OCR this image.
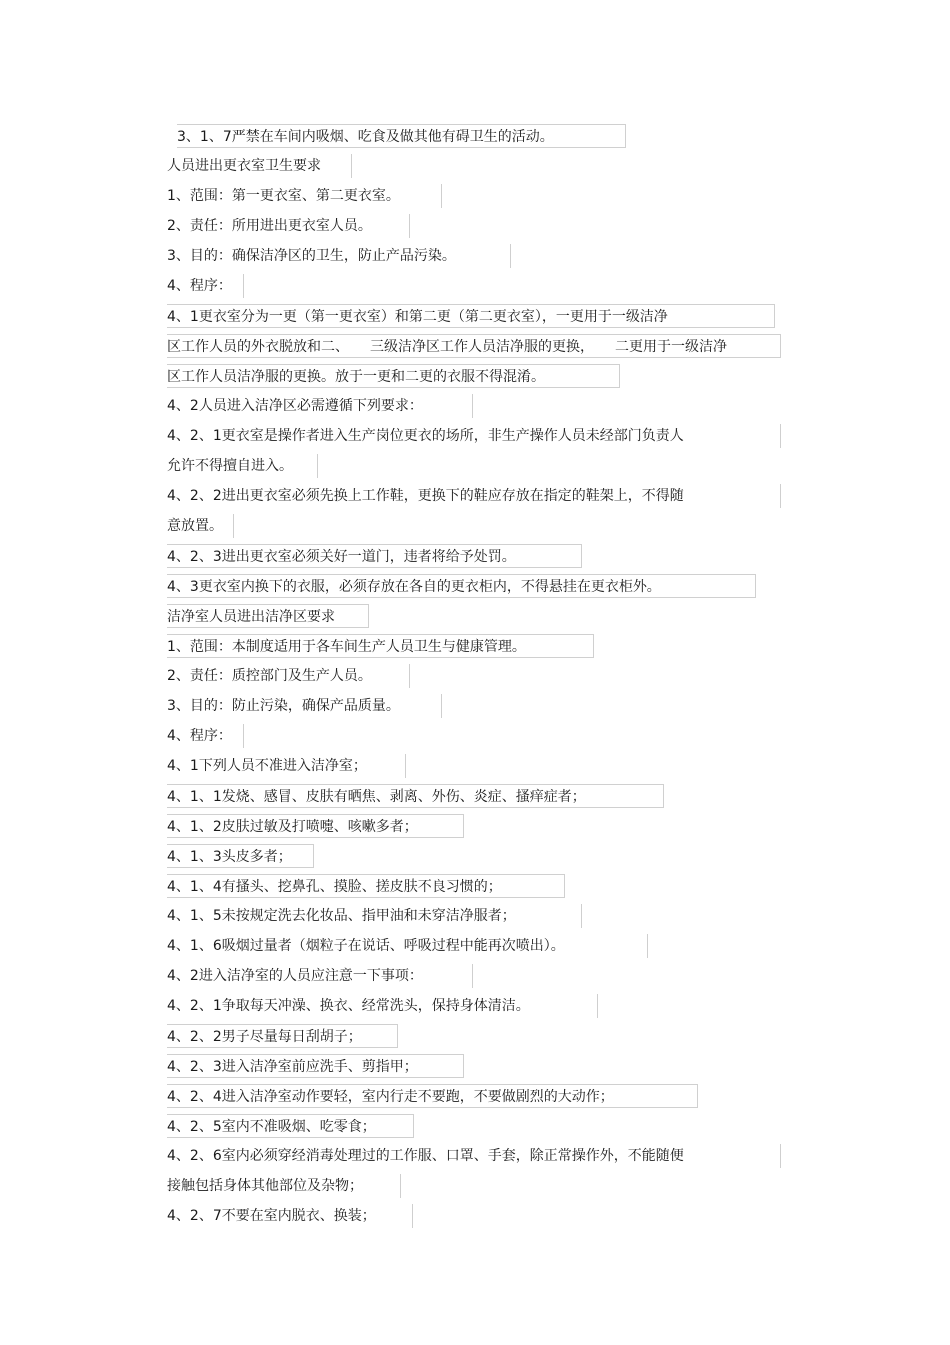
3、1、7严禁在车间内吸烟、吃食及做其他有碍卫生的活动。
人员进出更衣室卫生要求
1、范围：第一更衣室、第二更衣室。
2、责任：所用进出更衣室人员。
3、目的：确保洁净区的卫生，防止产品污染。
4、程序：
4、1更衣室分为一更（第一更衣室）和第二更（第二更衣室），一更用于一级洁净
区工作人员的外衣脱放和二、　　三级洁净区工作人员洁净服的更换，　　二更用于一级洁净
区工作人员洁净服的更换。放于一更和二更的衣服不得混淆。
4、2人员进入洁净区必需遵循下列要求：
4、2、1更衣室是操作者进入生产岗位更衣的场所，非生产操作人员未经部门负责人
允许不得擅自进入。
4、2、2进出更衣室必须先换上工作鞋，更换下的鞋应存放在指定的鞋架上，不得随
意放置。
4、2、3进出更衣室必须关好一道门，违者将给予处罚。
4、3更衣室内换下的衣服，必须存放在各自的更衣柜内，不得悬挂在更衣柜外。
洁净室人员进出洁净区要求
1、范围：本制度适用于各车间生产人员卫生与健康管理。
2、责任：质控部门及生产人员。
3、目的：防止污染，确保产品质量。
4、程序：
4、1下列人员不准进入洁净室；
4、1、1发烧、感冒、皮肤有晒焦、剥离、外伤、炎症、搔痒症者；
4、1、2皮肤过敏及打喷嚏、咳嗽多者；
4、1、3头皮多者；
4、1、4有搔头、挖鼻孔、摸脸、搓皮肤不良习惯的；
4、1、5未按规定洗去化妆品、指甲油和未穿洁净服者；
4、1、6吸烟过量者（烟粒子在说话、呼吸过程中能再次喷出）。
4、2进入洁净室的人员应注意一下事项：
4、2、1争取每天冲澡、换衣、经常洗头，保持身体清洁。
4、2、2男子尽量每日刮胡子；
4、2、3进入洁净室前应洗手、剪指甲；
4、2、4进入洁净室动作要轻，室内行走不要跑，不要做剧烈的大动作；
4、2、5室内不准吸烟、吃零食；
4、2、6室内必须穿经消毒处理过的工作服、口罩、手套，除正常操作外，不能随便
接触包括身体其他部位及杂物；
4、2、7不要在室内脱衣、换装；
